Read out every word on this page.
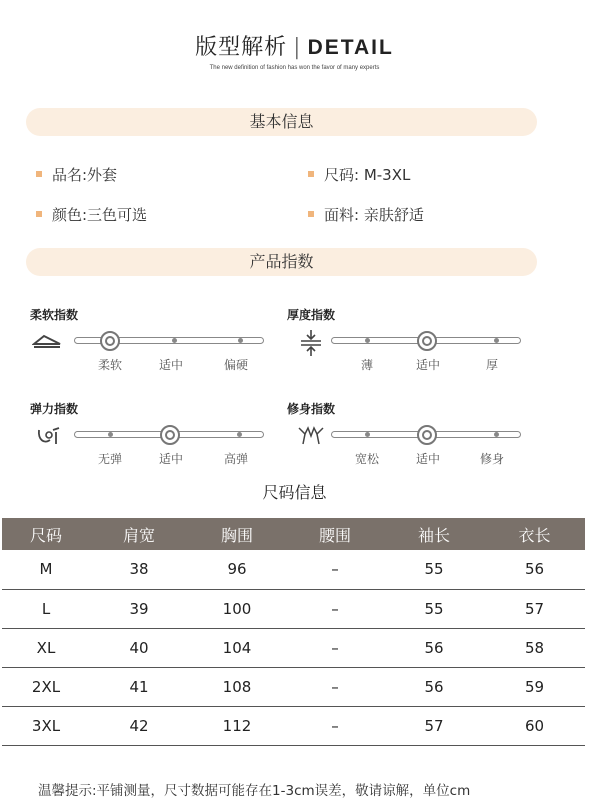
版型解析 | DETAIL
The new definition of fashion has won the favor of many experts
基本信息
品名:外套	尺码: M-3XL
颜色:三色可选	面料: 亲肤舒适
产品指数
柔软指数
柔软	适中	偏硬
厚度指数
薄	适中	厚
弹力指数
无弹	适中	高弹
修身指数
宽松	适中	修身
尺码信息
尺码	肩宽	胸围	腰围	袖长	衣长
M	38	96	–	55	56
L	39	100	–	55	57
XL	40	104	–	56	58
2XL	41	108	–	56	59
3XL	42	112	–	57	60
温馨提示:平铺测量，尺寸数据可能存在1-3cm误差，敬请谅解，单位cm
